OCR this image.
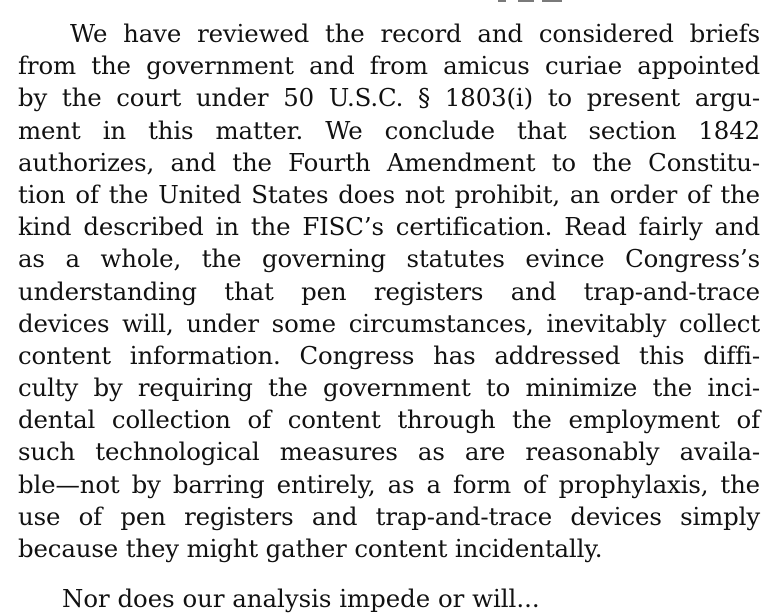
We have reviewed the record and considered briefs
from the government and from amicus curiae appointed
by the court under 50 U.S.C. § 1803(i) to present argu-
ment in this matter. We conclude that section 1842
authorizes, and the Fourth Amendment to the Constitu-
tion of the United States does not prohibit, an order of the
kind described in the FISC’s certification. Read fairly and
as a whole, the governing statutes evince Congress’s
understanding that pen registers and trap-and-trace
devices will, under some circumstances, inevitably collect
content information. Congress has addressed this diffi-
culty by requiring the government to minimize the inci-
dental collection of content through the employment of
such technological measures as are reasonably availa-
ble—not by barring entirely, as a form of prophylaxis, the
use of pen registers and trap-and-trace devices simply
because they might gather content incidentally.
Nor does our analysis impede or will...
